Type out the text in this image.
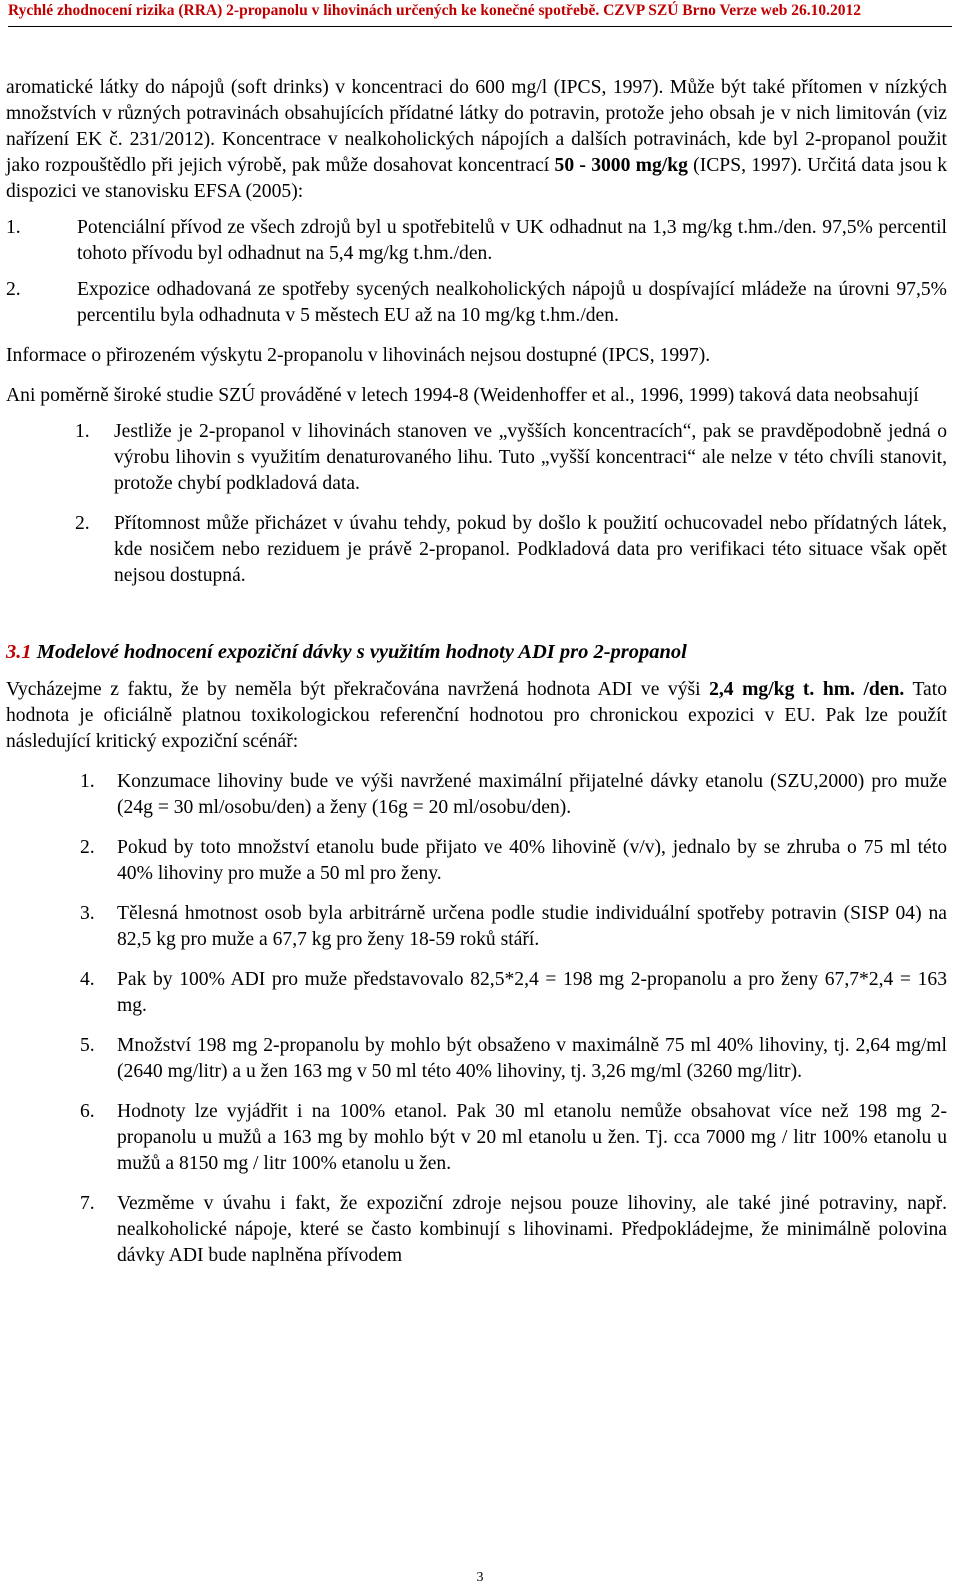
Rychlé zhodnocení rizika (RRA) 2-propanolu v lihovinách určených ke konečné spotřebě. CZVP SZÚ Brno Verze web 26.10.2012

aromatické látky do nápojů (soft drinks) v koncentraci do 600 mg/l (IPCS, 1997). Může být také přítomen v nízkých množstvích v různých potravinách obsahujících přídatné látky do potravin, protože jeho obsah je v nich limitován (viz nařízení EK č. 231/2012). Koncentrace v nealkoholických nápojích a dalších potravinách, kde byl 2-propanol použit jako rozpouštědlo při jejich výrobě, pak může dosahovat koncentrací 50 - 3000 mg/kg (ICPS, 1997). Určitá data jsou k dispozici ve stanovisku EFSA (2005):

1.	Potenciální přívod ze všech zdrojů byl u spotřebitelů v UK odhadnut na 1,3 mg/kg t.hm./den. 97,5% percentil tohoto přívodu byl odhadnut na 5,4 mg/kg t.hm./den.
2.	Expozice odhadovaná ze spotřeby sycených nealkoholických nápojů u dospívající mládeže na úrovni 97,5% percentilu byla odhadnuta v 5 městech EU až na 10 mg/kg t.hm./den.

Informace o přirozeném výskytu 2-propanolu v lihovinách nejsou dostupné (IPCS, 1997).

Ani poměrně široké studie SZÚ prováděné v letech 1994-8 (Weidenhoffer et al., 1996, 1999) taková data neobsahují

1. Jestliže je 2-propanol v lihovinách stanoven ve „vyšších koncentracích“, pak se pravděpodobně jedná o výrobu lihovin s využitím denaturovaného lihu. Tuto „vyšší koncentraci“ ale nelze v této chvíli stanovit, protože chybí podkladová data.
2. Přítomnost může přicházet v úvahu tehdy, pokud by došlo k použití ochucovadel nebo přídatných látek, kde nosičem nebo reziduem je právě 2-propanol. Podkladová data pro verifikaci této situace však opět nejsou dostupná.
3.1 Modelové hodnocení expoziční dávky s využitím hodnoty ADI pro 2-propanol

Vycházejme z faktu, že by neměla být překračována navržená hodnota ADI ve výši 2,4 mg/kg t. hm. /den. Tato hodnota je oficiálně platnou toxikologickou referenční hodnotou pro chronickou expozici v EU. Pak lze použít následující kritický expoziční scénář:

1. Konzumace lihoviny bude ve výši navržené maximální přijatelné dávky etanolu (SZU,2000) pro muže (24g = 30 ml/osobu/den) a ženy (16g = 20 ml/osobu/den).
2. Pokud by toto množství etanolu bude přijato ve 40% lihovině (v/v), jednalo by se zhruba o 75 ml této 40% lihoviny pro muže a 50 ml pro ženy.
3. Tělesná hmotnost osob byla arbitrárně určena podle studie individuální spotřeby potravin (SISP 04) na 82,5 kg pro muže a 67,7 kg pro ženy 18-59 roků stáří.
4. Pak by 100% ADI pro muže představovalo 82,5*2,4 = 198 mg 2-propanolu a pro ženy 67,7*2,4 = 163 mg.
5. Množství 198 mg 2-propanolu by mohlo být obsaženo v maximálně 75 ml 40% lihoviny, tj. 2,64 mg/ml (2640 mg/litr) a u žen 163 mg v 50 ml této 40% lihoviny, tj. 3,26 mg/ml (3260 mg/litr).
6. Hodnoty lze vyjádřit i na 100% etanol. Pak 30 ml etanolu nemůže obsahovat více než 198 mg 2-propanolu u mužů a 163 mg by mohlo být v 20 ml etanolu u žen. Tj. cca 7000 mg / litr 100% etanolu u mužů a 8150 mg / litr 100% etanolu u žen.
7. Vezměme v úvahu i fakt, že expoziční zdroje nejsou pouze lihoviny, ale také jiné potraviny, např. nealkoholické nápoje, které se často kombinují s lihovinami. Předpokládejme, že minimálně polovina dávky ADI bude naplněna přívodem
3
